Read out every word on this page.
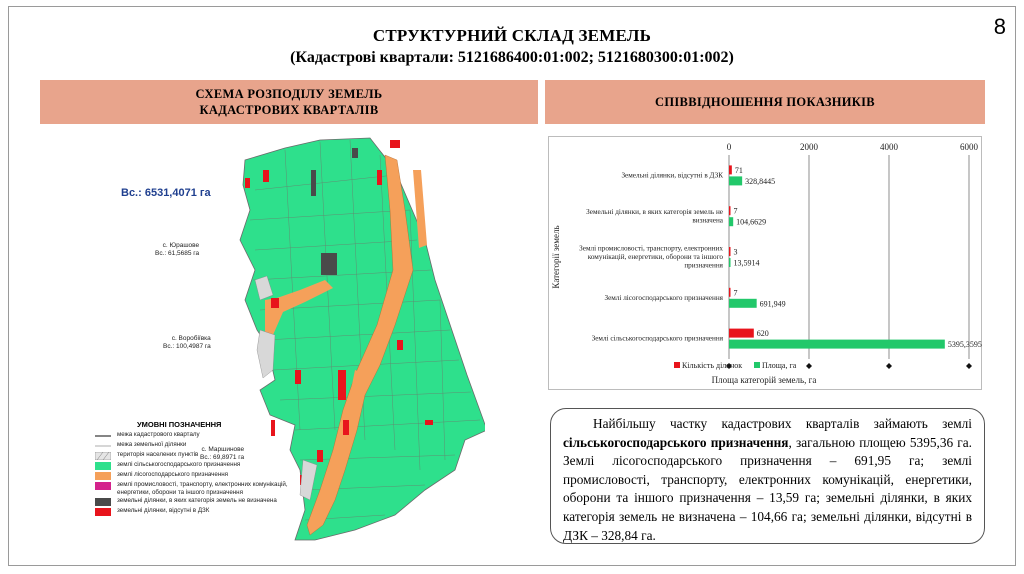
8
СТРУКТУРНИЙ СКЛАД ЗЕМЕЛЬ
(Кадастрові квартали: 5121686400:01:002; 5121680300:01:002)
СХЕМА РОЗПОДІЛУ ЗЕМЕЛЬ
КАДАСТРОВИХ КВАРТАЛІВ
СПІВВІДНОШЕННЯ ПОКАЗНИКІВ
Вс.: 6531,4071 га
с. Юрашове
Вс.: 61,5685 га
с. Воробіївка
Вс.: 100,4987 га
с. Маршинове
Вс.: 69,8971 га
УМОВНІ ПОЗНАЧЕННЯ
межа кадастрового кварталу
межа земельної ділянки
територія населених пунктів
землі сільськогосподарського призначення
землі лісогосподарського призначення
землі промисловості, транспорту, електронних комунікацій, енергетики, оборони та іншого призначення
земельні ділянки, в яких категорія земель не визначена
земельні ділянки, відсутні в ДЗК
0	2000	4000	6000
Категорії земель
Земельні ділянки, відсутні в ДЗК
71
328,8445
Земельні ділянки, в яких категорія земель не визначена
7
104,6629
Землі промисловості, транспорту, електронних комунікацій, енергетики, оборони та іншого призначення
3
13,5914
Землі лісогосподарського призначення
7
691,949
Землі сільськогосподарського призначення
620
5395,3595
Кількість ділянок Площа, га
Площа категорій земель, га
Найбільшу частку кадастрових кварталів займають землі сільськогосподарського призначення, загальною площею 5395,36 га. Землі лісогосподарського призначення – 691,95 га; землі промисловості, транспорту, електронних комунікацій, енергетики, оборони та іншого призначення – 13,59 га; земельні ділянки, в яких категорія земель не визначена – 104,66 га; земельні ділянки, відсутні в ДЗК – 328,84 га.
